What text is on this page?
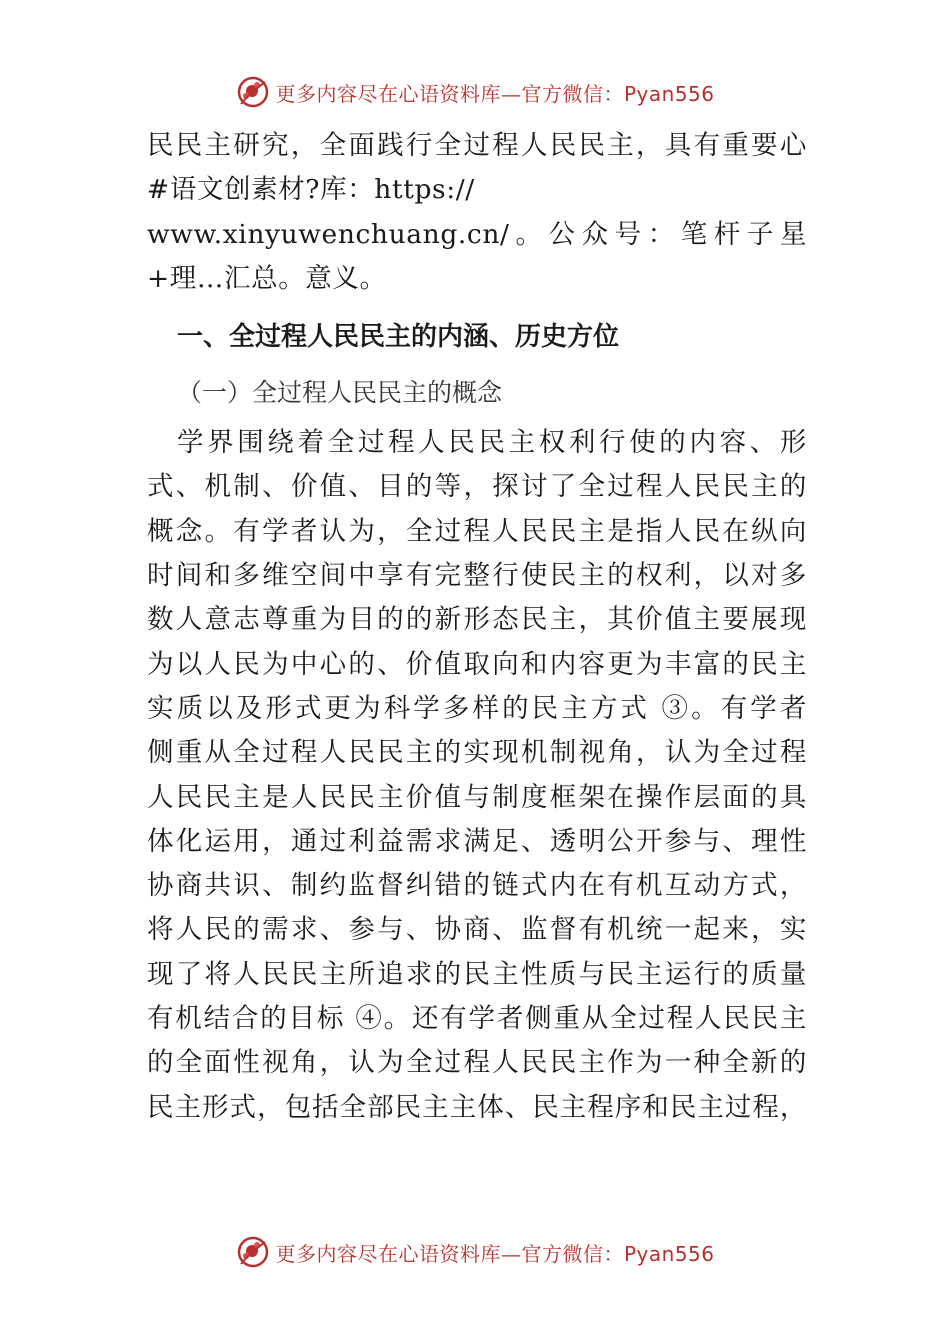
更多内容尽在心语资料库—官方微信：Pyan556
民民主研究，全面践行全过程人民民主，具有重要心
#语文创素材?库：https://
www.xinyuwenchuang.cn/。公众号：笔杆子星
+理…汇总。意义。
一、全过程人民民主的内涵、历史方位
（一）全过程人民民主的概念
学界围绕着全过程人民民主权利行使的内容、形
式、机制、价值、目的等，探讨了全过程人民民主的
概念。有学者认为，全过程人民民主是指人民在纵向
时间和多维空间中享有完整行使民主的权利，以对多
数人意志尊重为目的的新形态民主，其价值主要展现
为以人民为中心的、价值取向和内容更为丰富的民主
实质以及形式更为科学多样的民主方式 ③。有学者
侧重从全过程人民民主的实现机制视角，认为全过程
人民民主是人民民主价值与制度框架在操作层面的具
体化运用，通过利益需求满足、透明公开参与、理性
协商共识、制约监督纠错的链式内在有机互动方式，
将人民的需求、参与、协商、监督有机统一起来，实
现了将人民民主所追求的民主性质与民主运行的质量
有机结合的目标 ④。还有学者侧重从全过程人民民主
的全面性视角，认为全过程人民民主作为一种全新的
民主形式，包括全部民主主体、民主程序和民主过程，
更多内容尽在心语资料库—官方微信：Pyan556
